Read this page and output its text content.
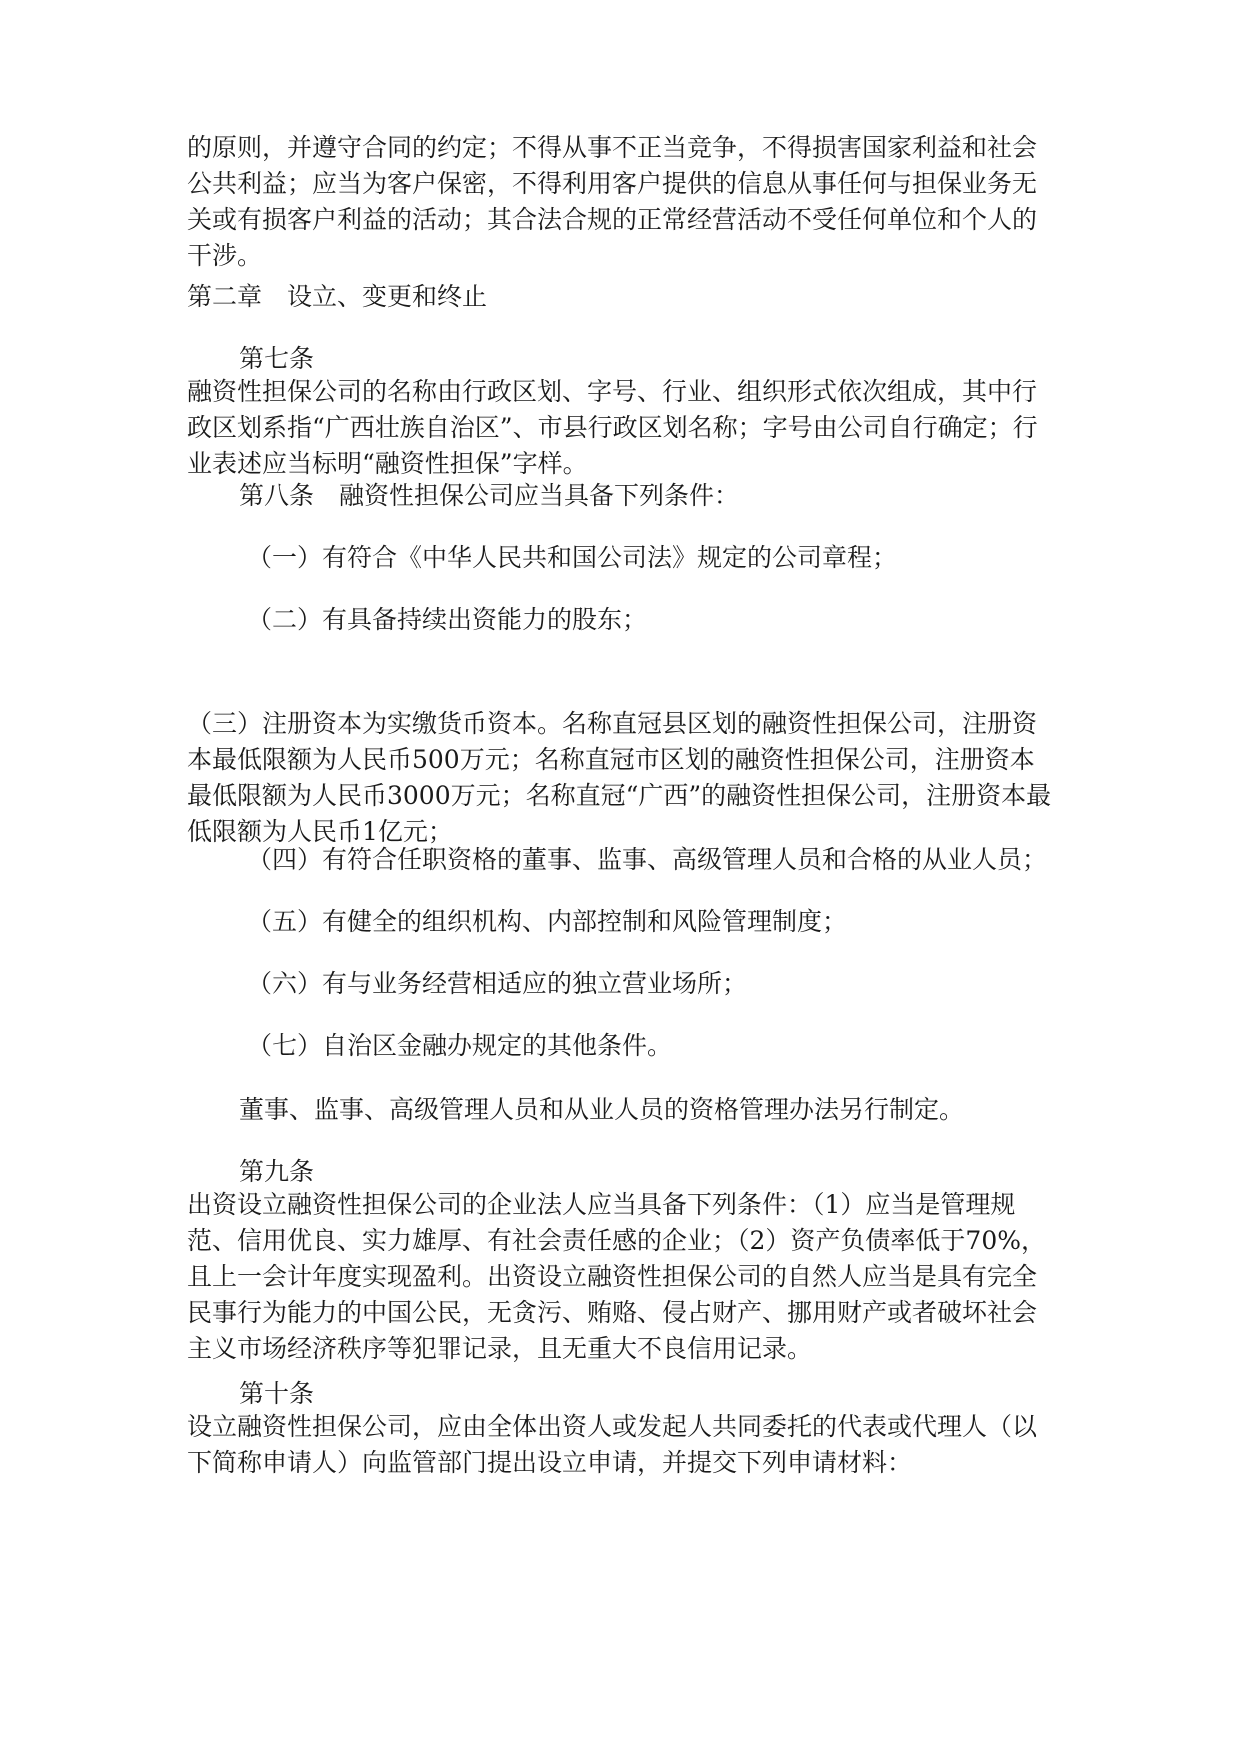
的原则，并遵守合同的约定；不得从事不正当竞争，不得损害国家利益和社会公共利益；应当为客户保密，不得利用客户提供的信息从事任何与担保业务无关或有损客户利益的活动；其合法合规的正常经营活动不受任何单位和个人的干涉。

第二章　设立、变更和终止

第七条

融资性担保公司的名称由行政区划、字号、行业、组织形式依次组成，其中行政区划系指“广西壮族自治区”、市县行政区划名称；字号由公司自行确定；行业表述应当标明“融资性担保”字样。

第八条　融资性担保公司应当具备下列条件：

（一）有符合《中华人民共和国公司法》规定的公司章程；

（二）有具备持续出资能力的股东；

（三）注册资本为实缴货币资本。名称直冠县区划的融资性担保公司，注册资本最低限额为人民币500万元；名称直冠市区划的融资性担保公司，注册资本最低限额为人民币3000万元；名称直冠“广西”的融资性担保公司，注册资本最低限额为人民币1亿元；

（四）有符合任职资格的董事、监事、高级管理人员和合格的从业人员；

（五）有健全的组织机构、内部控制和风险管理制度；

（六）有与业务经营相适应的独立营业场所；

（七）自治区金融办规定的其他条件。

董事、监事、高级管理人员和从业人员的资格管理办法另行制定。

第九条

出资设立融资性担保公司的企业法人应当具备下列条件：（1）应当是管理规范、信用优良、实力雄厚、有社会责任感的企业；（2）资产负债率低于70%，且上一会计年度实现盈利。出资设立融资性担保公司的自然人应当是具有完全民事行为能力的中国公民，无贪污、贿赂、侵占财产、挪用财产或者破坏社会主义市场经济秩序等犯罪记录，且无重大不良信用记录。

第十条

设立融资性担保公司，应由全体出资人或发起人共同委托的代表或代理人（以下简称申请人）向监管部门提出设立申请，并提交下列申请材料：
